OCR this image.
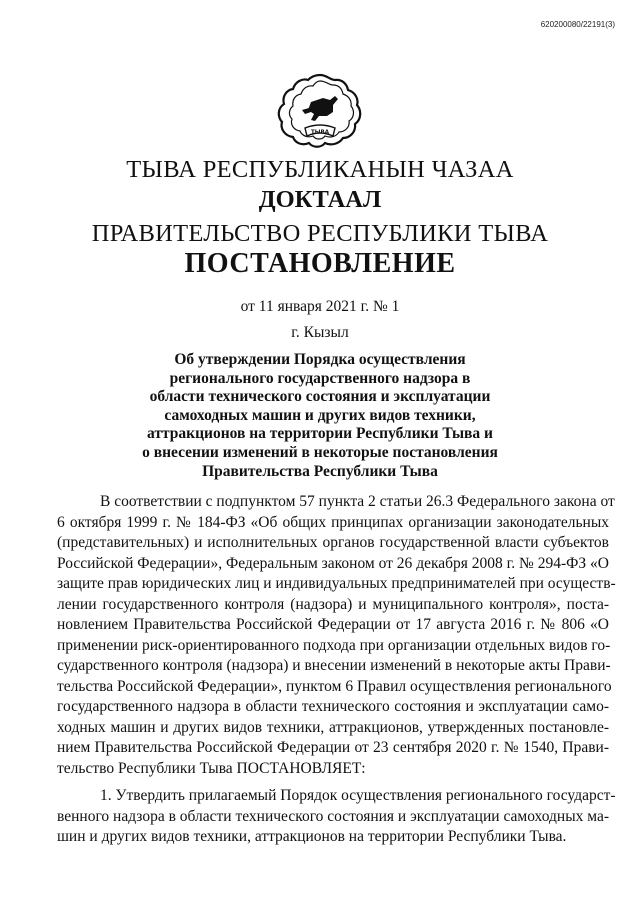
620200080/22191(3)
ТЫВА
ТЫВА РЕСПУБЛИКАНЫН ЧАЗАА
ДОКТААЛ
ПРАВИТЕЛЬСТВО РЕСПУБЛИКИ ТЫВА
ПОСТАНОВЛЕНИЕ
от 11 января 2021 г. № 1
г. Кызыл
Об утверждении Порядка осуществления
регионального государственного надзора в
области технического состояния и эксплуатации
самоходных машин и других видов техники,
аттракционов на территории Республики Тыва и
о внесении изменений в некоторые постановления
Правительства Республики Тыва
В соответствии с подпунктом 57 пункта 2 статьи 26.3 Федерального закона от
6 октября 1999 г. № 184-ФЗ «Об общих принципах организации законодательных
(представительных) и исполнительных органов государственной власти субъектов
Российской Федерации», Федеральным законом от 26 декабря 2008 г. № 294-ФЗ «О
защите прав юридических лиц и индивидуальных предпринимателей при осуществ-
лении государственного контроля (надзора) и муниципального контроля», поста-
новлением Правительства Российской Федерации от 17 августа 2016 г. № 806 «О
применении риск-ориентированного подхода при организации отдельных видов го-
сударственного контроля (надзора) и внесении изменений в некоторые акты Прави-
тельства Российской Федерации», пунктом 6 Правил осуществления регионального
государственного надзора в области технического состояния и эксплуатации само-
ходных машин и других видов техники, аттракционов, утвержденных постановле-
нием Правительства Российской Федерации от 23 сентября 2020 г. № 1540, Прави-
тельство Республики Тыва ПОСТАНОВЛЯЕТ:
1. Утвердить прилагаемый Порядок осуществления регионального государст-
венного надзора в области технического состояния и эксплуатации самоходных ма-
шин и других видов техники, аттракционов на территории Республики Тыва.
